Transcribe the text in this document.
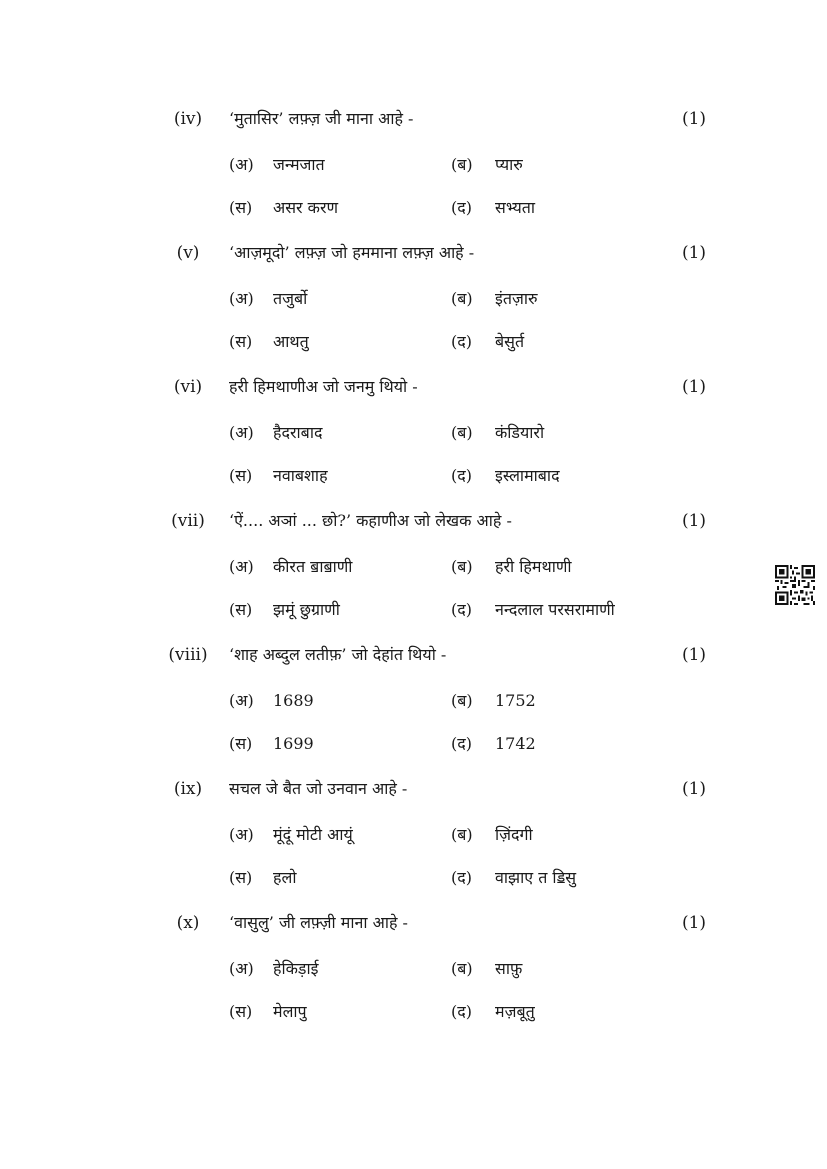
(iv)	‘मुतासिर’ लफ़्ज़ जी माना आहे -	(1)
(अ) जन्मजात	(ब) प्यारु
(स) असर करण	(द) सभ्यता
(v)	‘आज़मूदो’ लफ़्ज़ जो हममाना लफ़्ज़ आहे -	(1)
(अ) तजुर्बो	(ब) इंतज़ारु
(स) आथतु	(द) बेसुर्त
(vi)	हरी हिमथाणीअ जो जनमु थियो -	(1)
(अ) हैदराबाद	(ब) कंडियारो
(स) नवाबशाह	(द) इस्लामाबाद
(vii)	‘ऐं.... अञां ... छो?’ कहाणीअ जो लेखक आहे -	(1)
(अ) कीरत ॿाॿाणी	(ब) हरी हिमथाणी
(स) झमूं छुग्राणी	(द) नन्दलाल परसरामाणी
(viii)	‘शाह अब्दुल लतीफ़’ जो देहांत थियो -	(1)
(अ) 1689	(ब) 1752
(स) 1699	(द) 1742
(ix)	सचल जे बैत जो उनवान आहे -	(1)
(अ) मूंदूं मोटी आयूं	(ब) ज़िंदगी
(स) हलो	(द) वाझाए त ॾिसु
(x)	‘वासुलु’ जी लफ़्ज़ी माना आहे -	(1)
(अ) हेकिड़ाई	(ब) साफ़ु
(स) मेलापु	(द) मज़बूतु
